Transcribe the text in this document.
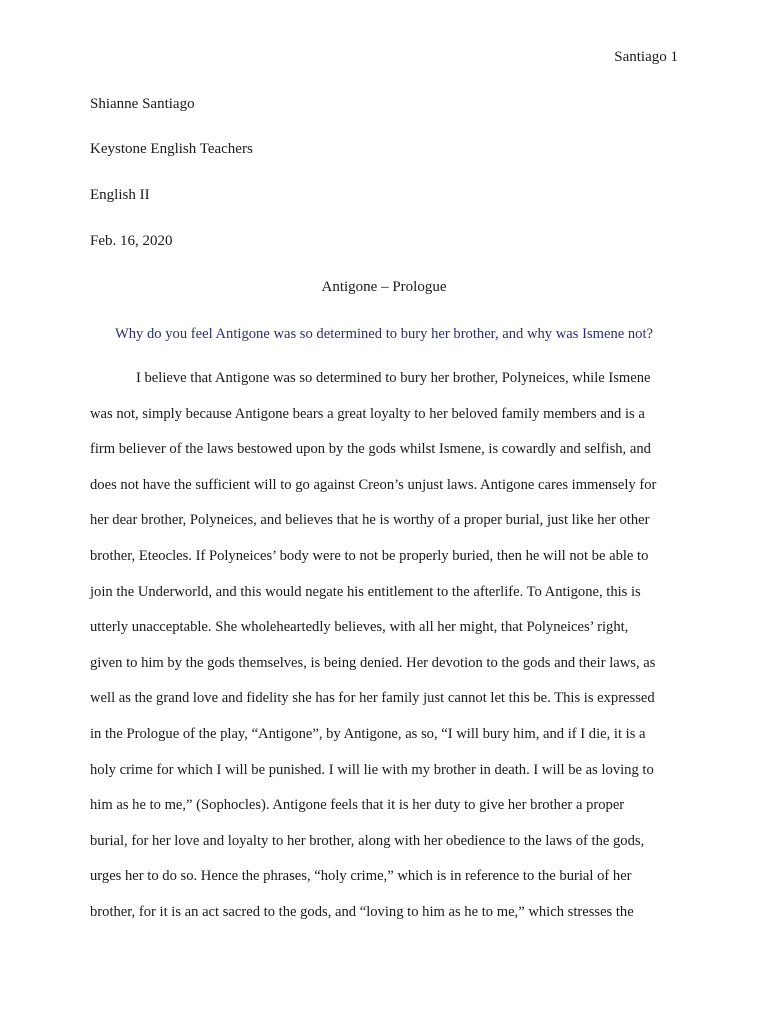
Santiago 1
Shianne Santiago
Keystone English Teachers
English II
Feb. 16, 2020
Antigone – Prologue
Why do you feel Antigone was so determined to bury her brother, and why was Ismene not?
I believe that Antigone was so determined to bury her brother, Polyneices, while Ismene
was not, simply because Antigone bears a great loyalty to her beloved family members and is a
firm believer of the laws bestowed upon by the gods whilst Ismene, is cowardly and selfish, and
does not have the sufficient will to go against Creon’s unjust laws. Antigone cares immensely for
her dear brother, Polyneices, and believes that he is worthy of a proper burial, just like her other
brother, Eteocles. If Polyneices’ body were to not be properly buried, then he will not be able to
join the Underworld, and this would negate his entitlement to the afterlife. To Antigone, this is
utterly unacceptable. She wholeheartedly believes, with all her might, that Polyneices’ right,
given to him by the gods themselves, is being denied. Her devotion to the gods and their laws, as
well as the grand love and fidelity she has for her family just cannot let this be. This is expressed
in the Prologue of the play, “Antigone”, by Antigone, as so, “I will bury him, and if I die, it is a
holy crime for which I will be punished. I will lie with my brother in death. I will be as loving to
him as he to me,” (Sophocles). Antigone feels that it is her duty to give her brother a proper
burial, for her love and loyalty to her brother, along with her obedience to the laws of the gods,
urges her to do so. Hence the phrases, “holy crime,” which is in reference to the burial of her
brother, for it is an act sacred to the gods, and “loving to him as he to me,” which stresses the
